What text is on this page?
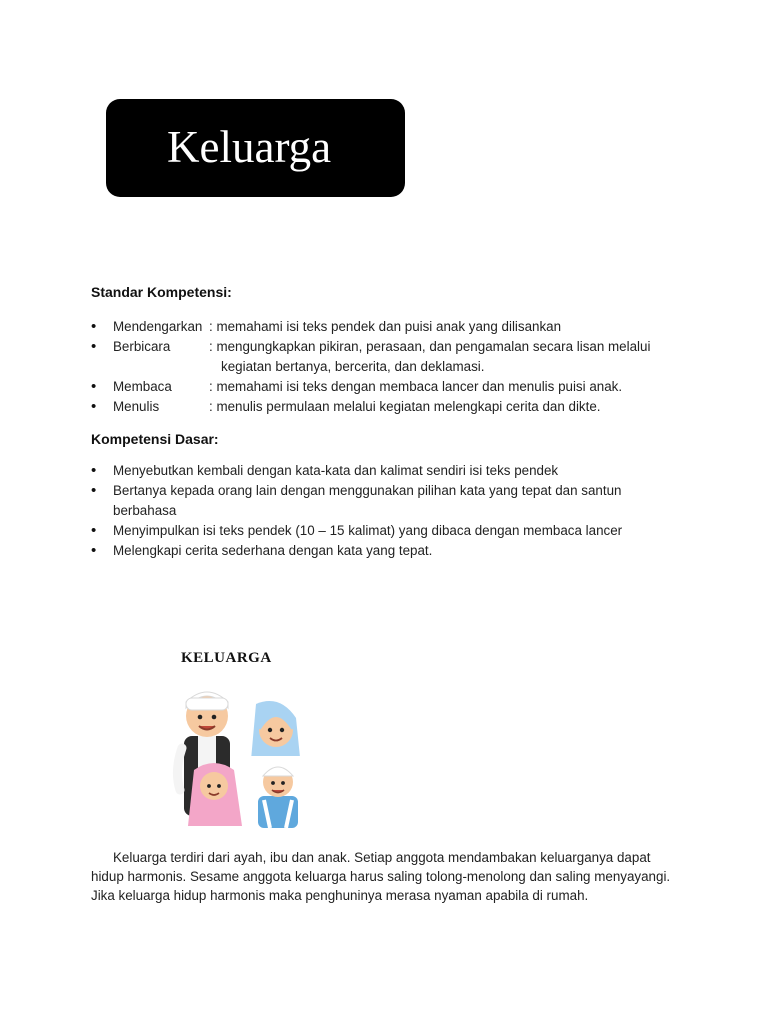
Keluarga
Standar Kompetensi:
• Mendengarkan : memahami isi teks pendek dan puisi anak yang dilisankan
• Berbicara	: mengungkapkan pikiran, perasaan, dan pengamalan secara lisan melalui
kegiatan bertanya, bercerita, dan deklamasi.
• Membaca	: memahami isi teks dengan membaca lancer dan menulis puisi anak.
• Menulis	: menulis permulaan melalui kegiatan melengkapi cerita dan dikte.
Kompetensi Dasar:
• Menyebutkan kembali dengan kata-kata dan kalimat sendiri isi teks pendek
• Bertanya kepada orang lain dengan menggunakan pilihan kata yang tepat dan santun berbahasa
• Menyimpulkan isi teks pendek (10 – 15 kalimat) yang dibaca dengan membaca lancer
• Melengkapi cerita sederhana dengan kata yang tepat.
KELUARGA

Keluarga terdiri dari ayah, ibu dan anak. Setiap anggota mendambakan keluarganya dapat hidup harmonis. Sesame anggota keluarga harus saling tolong-menolong dan saling menyayangi. Jika keluarga hidup harmonis maka penghuninya merasa nyaman apabila di rumah.
